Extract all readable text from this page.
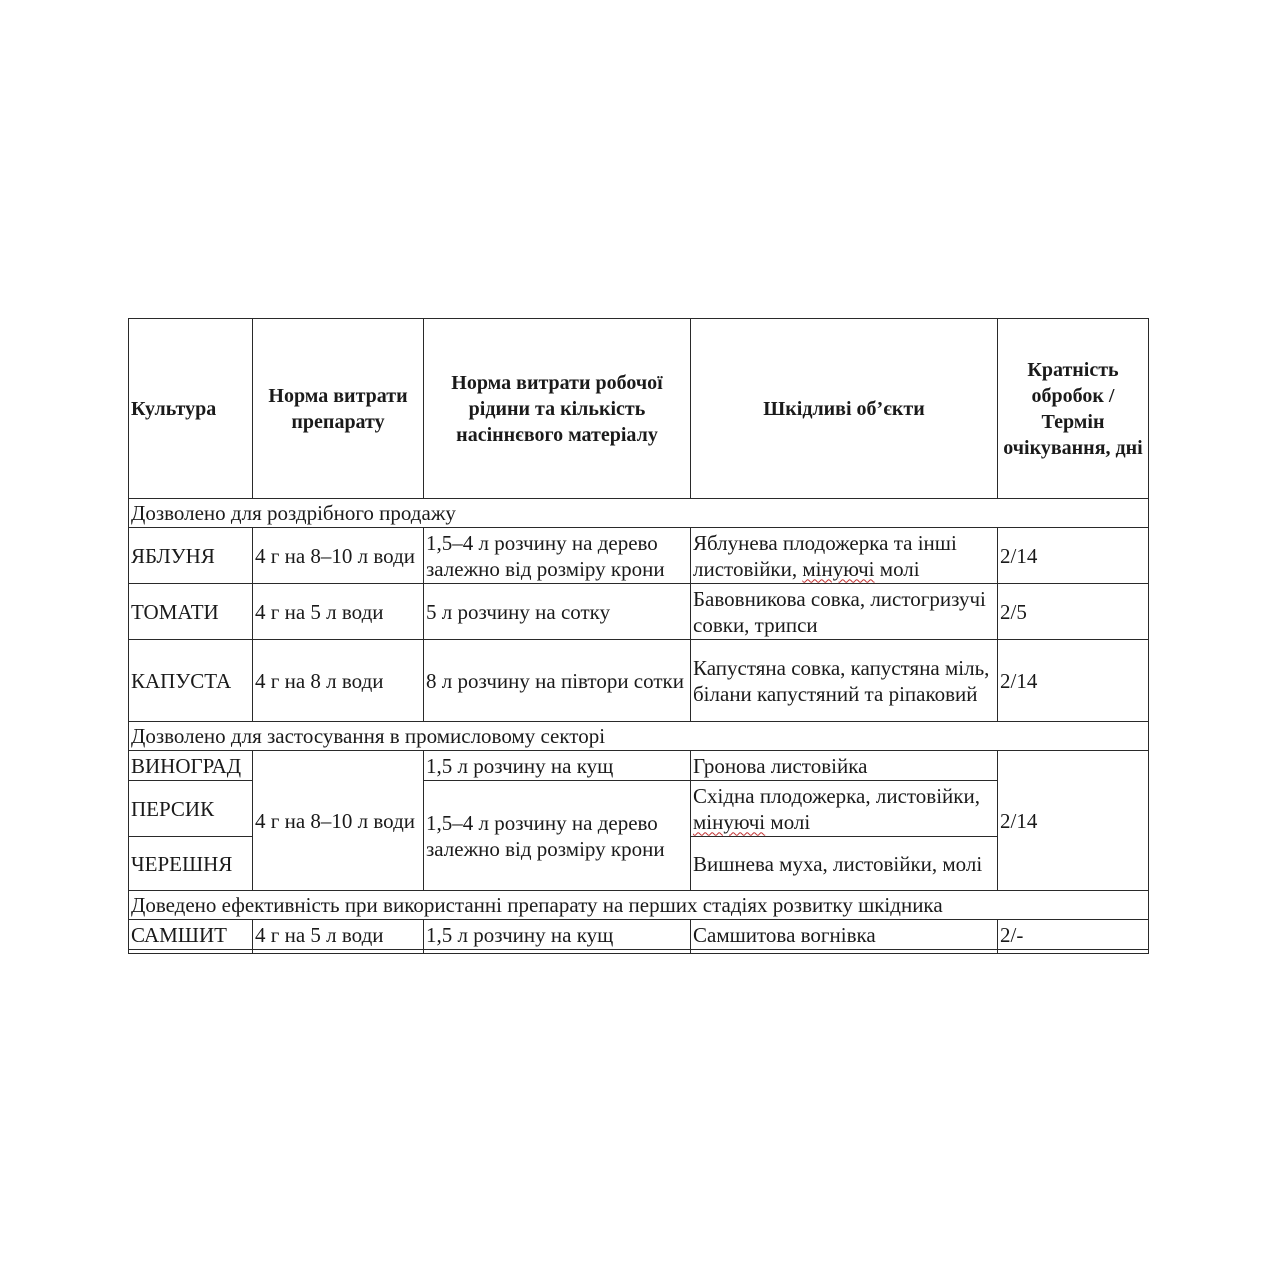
Культура	Норма витрати препарату	Норма витрати робочої рідини та кількість насіннєвого матеріалу	Шкідливі об’єкти	Кратність обробок / Термін очікування, дні
Дозволено для роздрібного продажу				
ЯБЛУНЯ	4 г на 8–10 л води	1,5–4 л розчину на дерево залежно від розміру крони	Яблунева плодожерка та інші листовійки, мінуючі молі	2/14
ТОМАТИ	4 г на 5 л води	5 л розчину на сотку	Бавовникова совка, листогризучі совки, трипси	2/5
КАПУСТА	4 г на 8 л води	8 л розчину на півтори сотки	Капустяна совка, капустяна міль, білани капустяний та ріпаковий	2/14
Дозволено для застосування в промисловому секторі				
ВИНОГРАД	4 г на 8–10 л води	1,5 л розчину на кущ	Гронова листовійка	2/14
ПЕРСИК		1,5–4 л розчину на дерево залежно від розміру крони	Східна плодожерка, листовійки, мінуючі молі	
ЧЕРЕШНЯ			Вишнева муха, листовійки, молі	
Доведено ефективність при використанні препарату на перших стадіях розвитку шкідника				
САМШИТ	4 г на 5 л води	1,5 л розчину на кущ	Самшитова вогнівка	2/-
